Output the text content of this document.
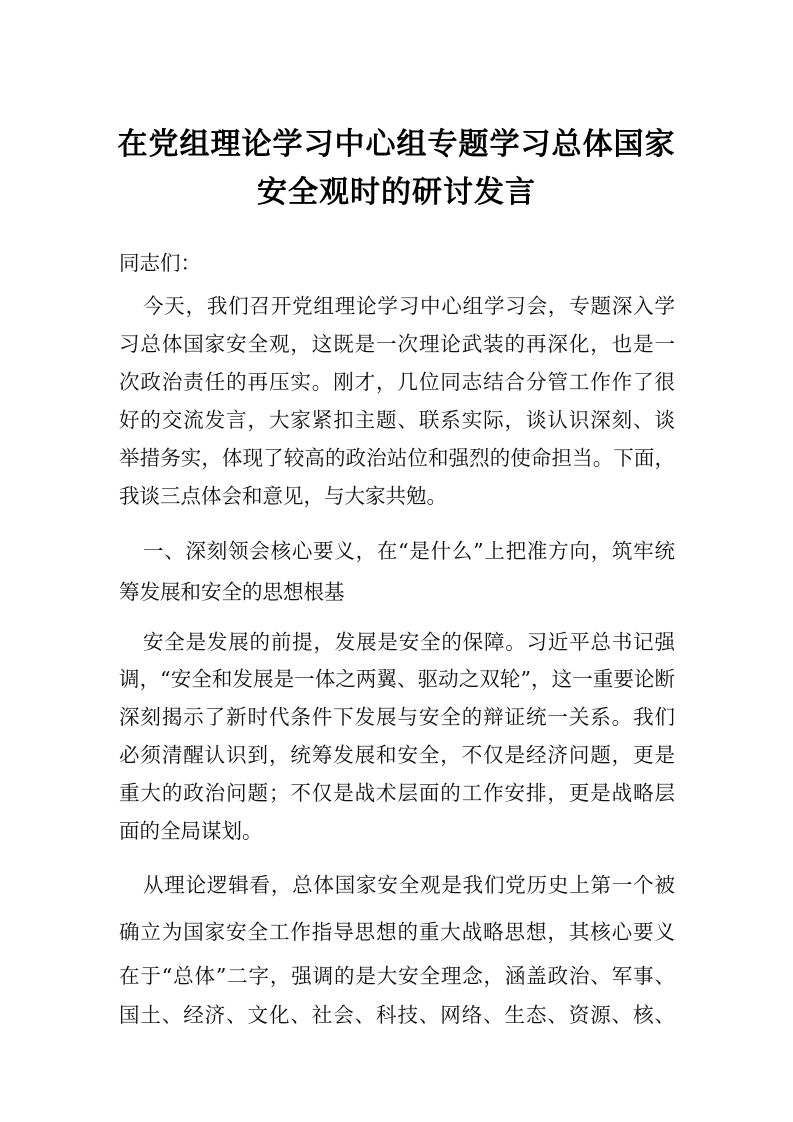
在党组理论学习中心组专题学习总体国家
安全观时的研讨发言
同志们：
今天，我们召开党组理论学习中心组学习会，专题深入学
习总体国家安全观，这既是一次理论武装的再深化，也是一
次政治责任的再压实。刚才，几位同志结合分管工作作了很
好的交流发言，大家紧扣主题、联系实际，谈认识深刻、谈
举措务实，体现了较高的政治站位和强烈的使命担当。下面，
我谈三点体会和意见，与大家共勉。
一、深刻领会核心要义，在“是什么”上把准方向，筑牢统
筹发展和安全的思想根基
安全是发展的前提，发展是安全的保障。习近平总书记强
调，“安全和发展是一体之两翼、驱动之双轮”，这一重要论断
深刻揭示了新时代条件下发展与安全的辩证统一关系。我们
必须清醒认识到，统筹发展和安全，不仅是经济问题，更是
重大的政治问题；不仅是战术层面的工作安排，更是战略层
面的全局谋划。
从理论逻辑看，总体国家安全观是我们党历史上第一个被
确立为国家安全工作指导思想的重大战略思想，其核心要义
在于“总体”二字，强调的是大安全理念，涵盖政治、军事、
国土、经济、文化、社会、科技、网络、生态、资源、核、
